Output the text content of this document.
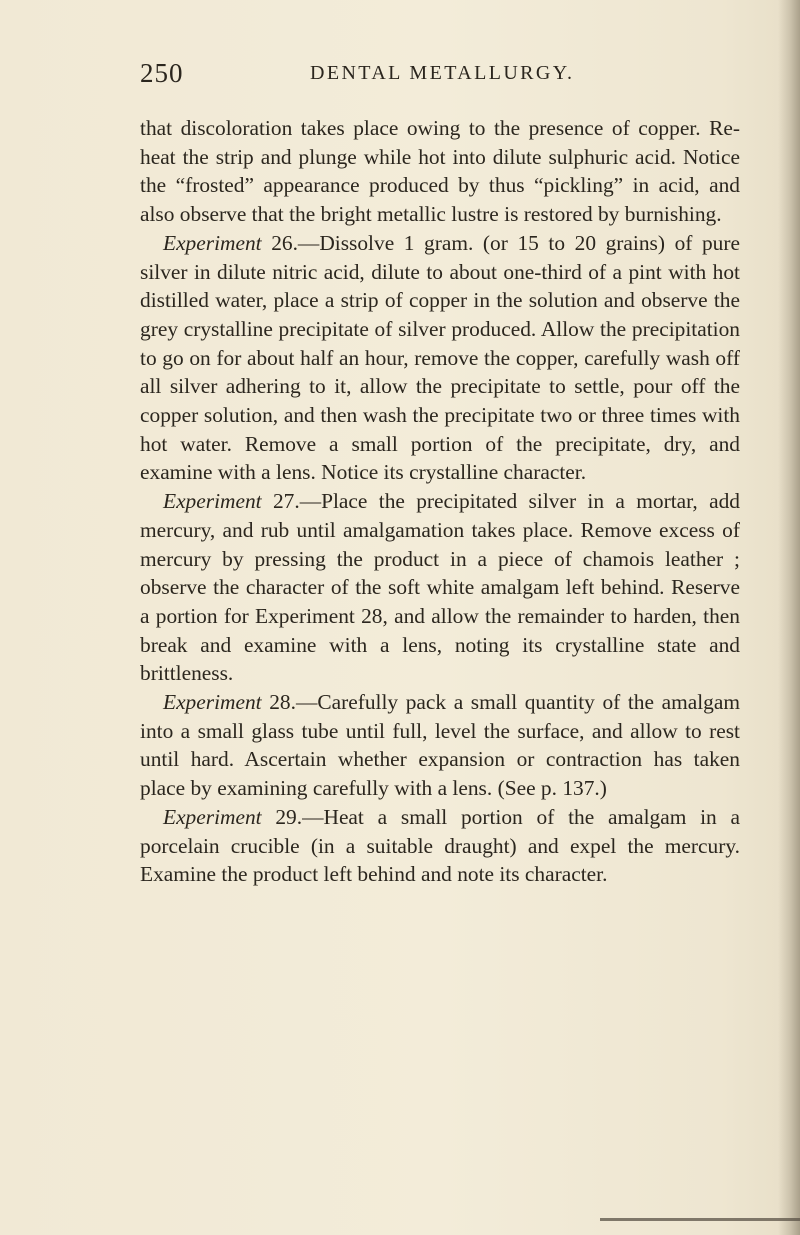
250	DENTAL METALLURGY.

that discoloration takes place owing to the presence of copper. Re-heat the strip and plunge while hot into dilute sulphuric acid. Notice the “frosted” appearance produced by thus “pickling” in acid, and also observe that the bright metallic lustre is restored by burnishing.

Experiment 26.—Dissolve 1 gram. (or 15 to 20 grains) of pure silver in dilute nitric acid, dilute to about one-third of a pint with hot distilled water, place a strip of copper in the solution and observe the grey crystalline precipitate of silver produced. Allow the precipitation to go on for about half an hour, remove the copper, carefully wash off all silver adhering to it, allow the precipitate to settle, pour off the copper solution, and then wash the precipitate two or three times with hot water. Remove a small portion of the precipitate, dry, and examine with a lens. Notice its crystalline character.

Experiment 27.—Place the precipitated silver in a mortar, add mercury, and rub until amalgamation takes place. Remove excess of mercury by pressing the product in a piece of chamois leather ; observe the character of the soft white amalgam left behind. Reserve a portion for Experiment 28, and allow the remainder to harden, then break and examine with a lens, noting its crystalline state and brittleness.

Experiment 28.—Carefully pack a small quantity of the amalgam into a small glass tube until full, level the surface, and allow to rest until hard. Ascertain whether expansion or contraction has taken place by examining carefully with a lens. (See p. 137.)

Experiment 29.—Heat a small portion of the amalgam in a porcelain crucible (in a suitable draught) and expel the mercury. Examine the product left behind and note its character.
